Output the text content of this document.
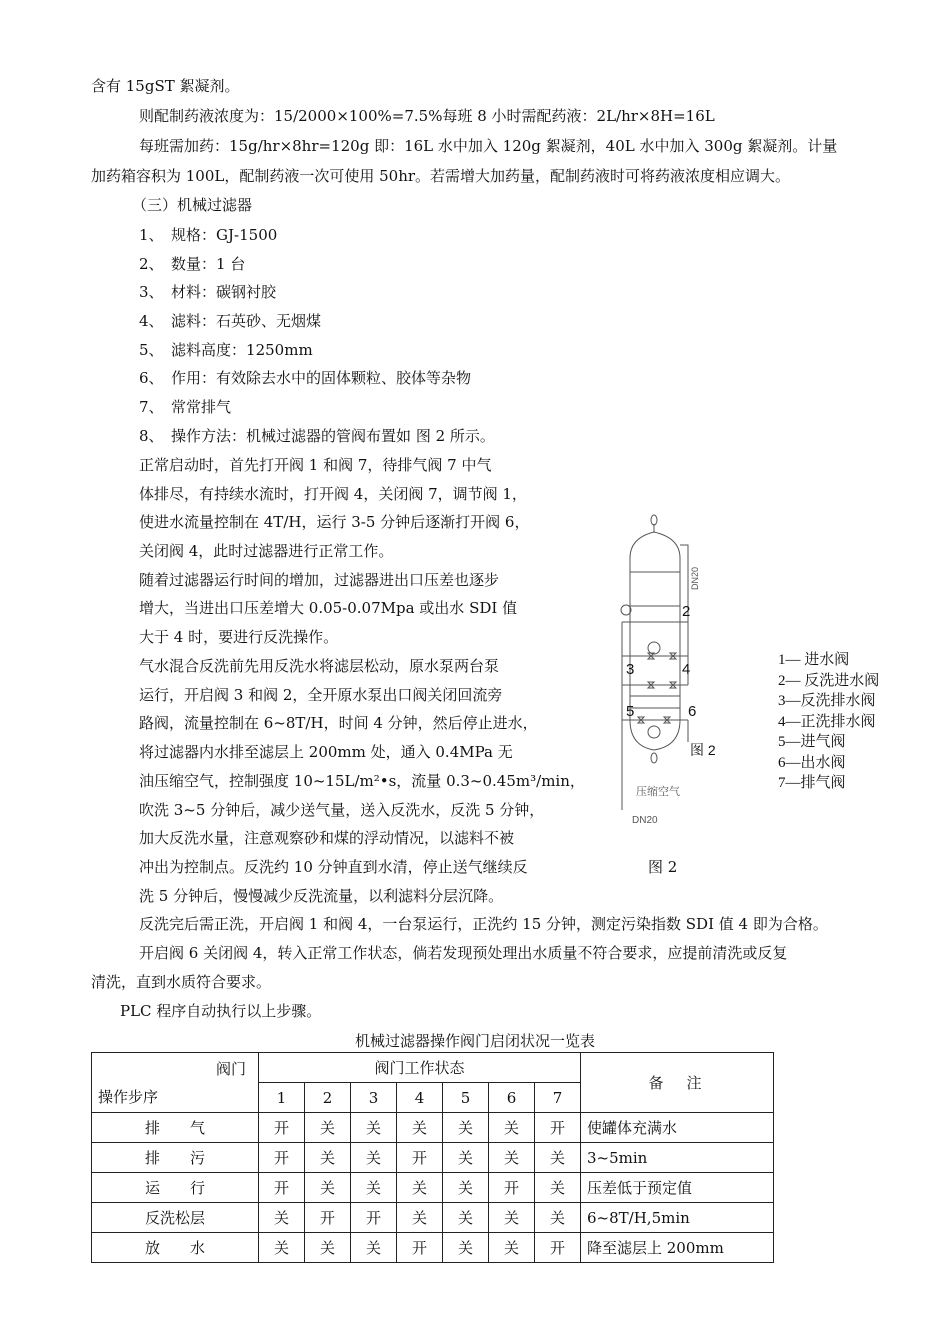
含有 15gST 絮凝剂。
则配制药液浓度为：15/2000×100%=7.5%每班 8 小时需配药液：2L/hr×8H=16L
每班需加药：15g/hr×8hr=120g 即：16L 水中加入 120g 絮凝剂，40L 水中加入 300g 絮凝剂。计量
加药箱容积为 100L，配制药液一次可使用 50hr。若需增大加药量，配制药液时可将药液浓度相应调大。
（三）机械过滤器
1、　规格：GJ-1500
2、　数量：1 台
3、　材料：碳钢衬胶
4、　滤料：石英砂、无烟煤
5、　滤料高度：1250mm
6、　作用：有效除去水中的固体颗粒、胶体等杂物
7、　常常排气
8、　操作方法：机械过滤器的管阀布置如 图 2 所示。
正常启动时，首先打开阀 1 和阀 7，待排气阀 7 中气
体排尽，有持续水流时，打开阀 4，关闭阀 7，调节阀 1，
使进水流量控制在 4T/H，运行 3-5 分钟后逐渐打开阀 6，
关闭阀 4，此时过滤器进行正常工作。
随着过滤器运行时间的增加，过滤器进出口压差也逐步
增大，当进出口压差增大 0.05-0.07Mpa 或出水 SDI 值
大于 4 时，要进行反洗操作。
气水混合反洗前先用反洗水将滤层松动，原水泵两台泵
运行，开启阀 3 和阀 2，全开原水泵出口阀关闭回流旁
路阀，流量控制在 6~8T/H，时间 4 分钟，然后停止进水，
将过滤器内水排至滤层上 200mm 处，通入 0.4MPa 无
油压缩空气，控制强度 10~15L/m²•s，流量 0.3~0.45m³/min，
吹洗 3~5 分钟后，减少送气量，送入反洗水，反洗 5 分钟，
加大反洗水量，注意观察砂和煤的浮动情况，以滤料不被
冲出为控制点。反洗约 10 分钟直到水清，停止送气继续反
洗 5 分钟后，慢慢减少反洗流量，以利滤料分层沉降。
反洗完后需正洗，开启阀 1 和阀 4，一台泵运行，正洗约 15 分钟，测定污染指数 SDI 值 4 即为合格。
开启阀 6 关闭阀 4，转入正常工作状态，倘若发现预处理出水质量不符合要求，应提前清洗或反复
清洗，直到水质符合要求。
PLC 程序自动执行以上步骤。
DN20
2
3	4
5	6
图 2
压缩空气
DN20
1— 进水阀
2— 反洗进水阀
3—反洗排水阀
4—正洗排水阀
5—进气阀
6—出水阀
7—排气阀
图 2
机械过滤器操作阀门启闭状况一览表
阀门
操作步序	阀门工作状态							备　注
	1	2	3	4	5	6	7	
排　　气	开	关	关	关	关	关	开	使罐体充满水
排　　污	开	关	关	开	关	关	关	3~5min
运　　行	开	关	关	关	关	开	关	压差低于预定值
反洗松层	关	开	开	关	关	关	关	6~8T/H,5min
放　　水	关	关	关	开	关	关	开	降至滤层上 200mm
